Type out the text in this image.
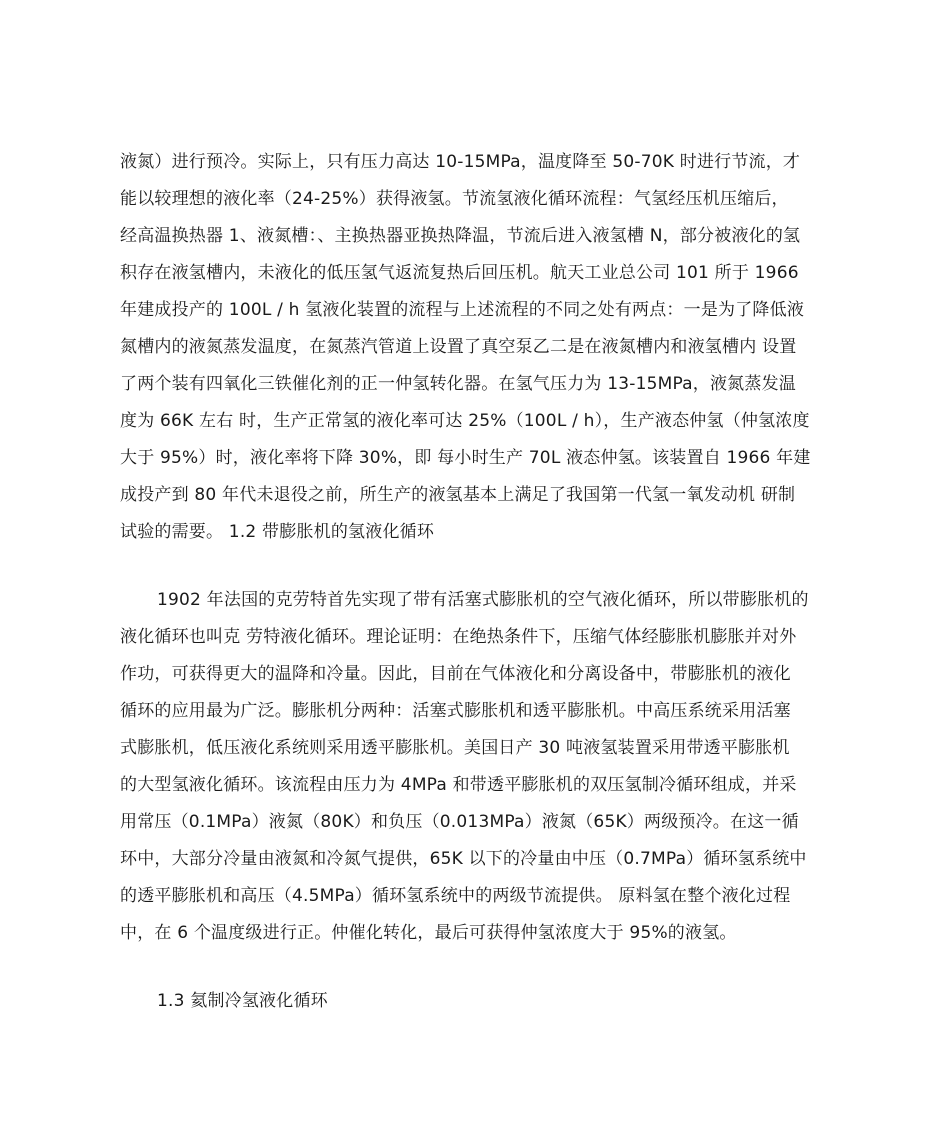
液氮）进行预冷。实际上，只有压力高达 10-15MPa，温度降至 50-70K 时进行节流，才
能以较理想的液化率（24-25%）获得液氢。节流氢液化循环流程：气氢经压机压缩后，
经高温换热器 1、液氮槽：、主换热器亚换热降温，节流后进入液氢槽 N，部分被液化的氢
积存在液氢槽内，未液化的低压氢气返流复热后回压机。航天工业总公司 101 所于 1966
年建成投产的 100L / h 氢液化装置的流程与上述流程的不同之处有两点：一是为了降低液
氮槽内的液氮蒸发温度，在氮蒸汽管道上设置了真空泵乙二是在液氮槽内和液氢槽内 设置
了两个装有四氧化三铁催化剂的正一仲氢转化器。在氢气压力为 13-15MPa，液氮蒸发温
度为 66K 左右 时，生产正常氢的液化率可达 25%（100L / h），生产液态仲氢（仲氢浓度
大于 95%）时，液化率将下降 30%，即 每小时生产 70L 液态仲氢。该装置自 1966 年建
成投产到 80 年代未退役之前，所生产的液氢基本上满足了我国第一代氢一氧发动机 研制
试验的需要。 1.2 带膨胀机的氢液化循环
1902 年法国的克劳特首先实现了带有活塞式膨胀机的空气液化循环，所以带膨胀机的
液化循环也叫克 劳特液化循环。理论证明：在绝热条件下，压缩气体经膨胀机膨胀并对外
作功，可获得更大的温降和冷量。因此，目前在气体液化和分离设备中，带膨胀机的液化
循环的应用最为广泛。膨胀机分两种：活塞式膨胀机和透平膨胀机。中高压系统采用活塞
式膨胀机，低压液化系统则采用透平膨胀机。美国日产 30 吨液氢装置采用带透平膨胀机
的大型氢液化循环。该流程由压力为 4MPa 和带透平膨胀机的双压氢制冷循环组成，并采
用常压（0.1MPa）液氮（80K）和负压（0.013MPa）液氮（65K）两级预冷。在这一循
环中，大部分冷量由液氮和冷氮气提供，65K 以下的冷量由中压（0.7MPa）循环氢系统中
的透平膨胀机和高压（4.5MPa）循环氢系统中的两级节流提供。 原料氢在整个液化过程
中，在 6 个温度级进行正。仲催化转化，最后可获得仲氢浓度大于 95%的液氢。
1.3 氦制冷氢液化循环
